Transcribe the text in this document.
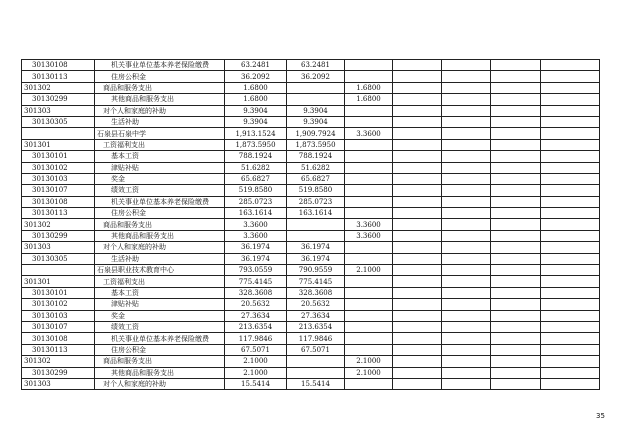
30130108	机关事业单位基本养老保险缴费	63.2481	63.2481					
30130113	住房公积金	36.2092	36.2092					
301302	商品和服务支出	1.6800		1.6800				
30130299	其他商品和服务支出	1.6800		1.6800				
301303	对个人和家庭的补助	9.3904	9.3904					
30130305	生活补助	9.3904	9.3904					
	石泉县石泉中学	1,913.1524	1,909.7924	3.3600				
301301	工资福利支出	1,873.5950	1,873.5950					
30130101	基本工资	788.1924	788.1924					
30130102	津贴补贴	51.6282	51.6282					
30130103	奖金	65.6827	65.6827					
30130107	绩效工资	519.8580	519.8580					
30130108	机关事业单位基本养老保险缴费	285.0723	285.0723					
30130113	住房公积金	163.1614	163.1614					
301302	商品和服务支出	3.3600		3.3600				
30130299	其他商品和服务支出	3.3600		3.3600				
301303	对个人和家庭的补助	36.1974	36.1974					
30130305	生活补助	36.1974	36.1974					
	石泉县职业技术教育中心	793.0559	790.9559	2.1000				
301301	工资福利支出	775.4145	775.4145					
30130101	基本工资	328.3608	328.3608					
30130102	津贴补贴	20.5632	20.5632					
30130103	奖金	27.3634	27.3634					
30130107	绩效工资	213.6354	213.6354					
30130108	机关事业单位基本养老保险缴费	117.9846	117.9846					
30130113	住房公积金	67.5071	67.5071					
301302	商品和服务支出	2.1000		2.1000				
30130299	其他商品和服务支出	2.1000		2.1000				
301303	对个人和家庭的补助	15.5414	15.5414					
35
